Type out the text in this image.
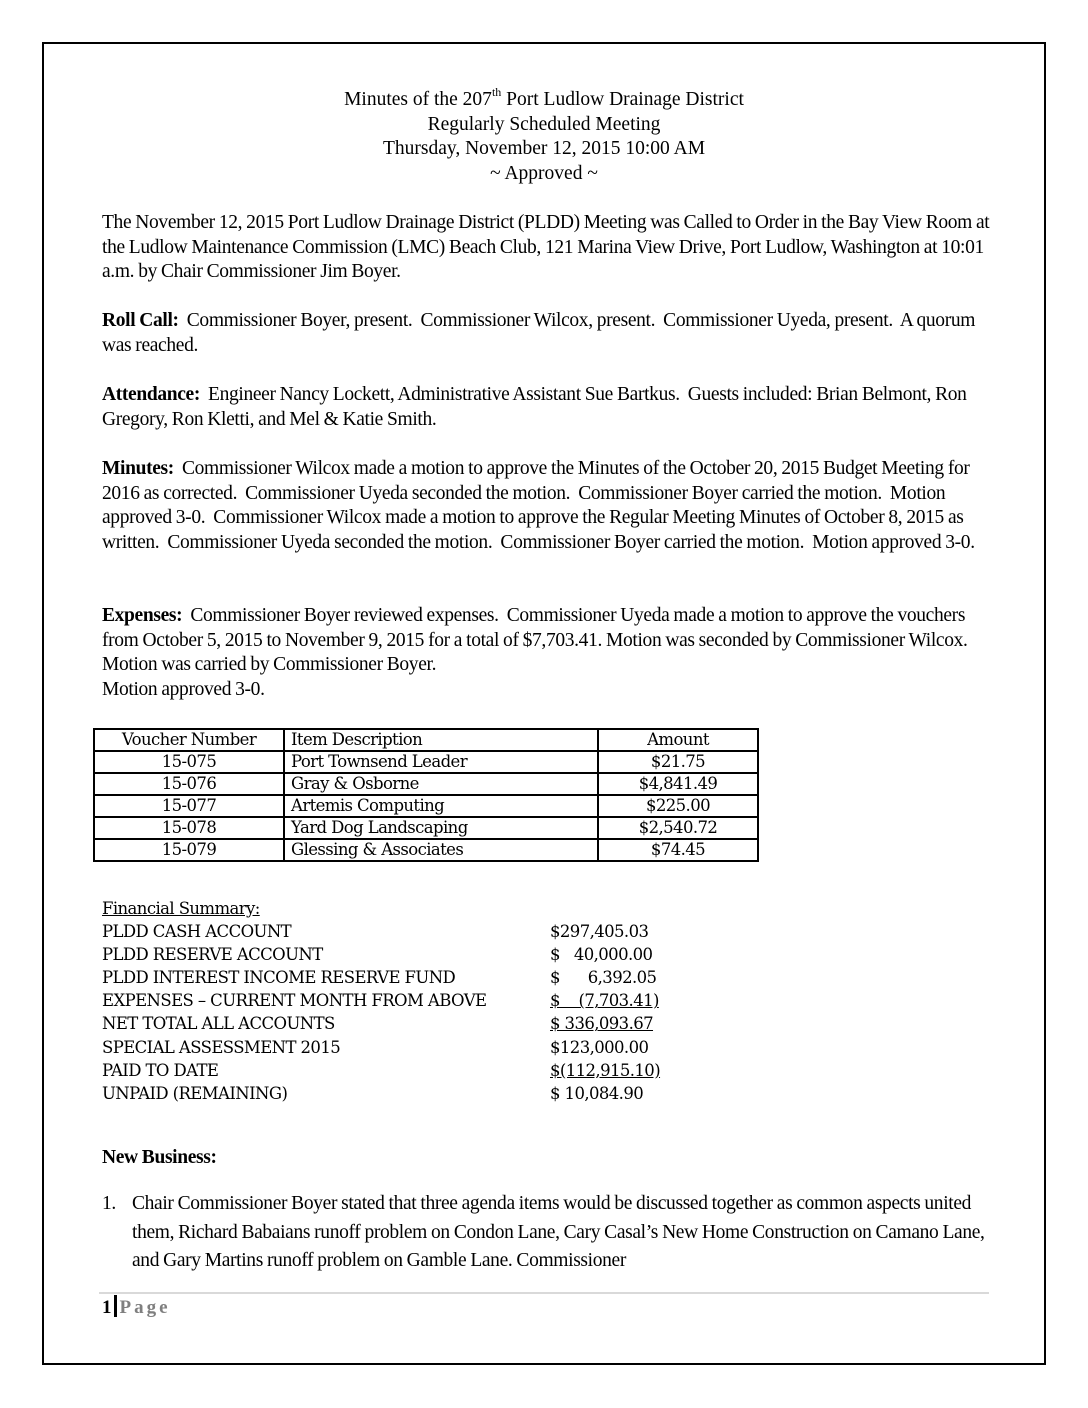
Minutes of the 207th Port Ludlow Drainage District
Regularly Scheduled Meeting
Thursday, November 12, 2015 10:00 AM
~ Approved ~
The November 12, 2015 Port Ludlow Drainage District (PLDD) Meeting was Called to Order in the Bay View Room at the Ludlow Maintenance Commission (LMC) Beach Club, 121 Marina View Drive, Port Ludlow, Washington at 10:01 a.m. by Chair Commissioner Jim Boyer.
Roll Call:  Commissioner Boyer, present.  Commissioner Wilcox, present.  Commissioner Uyeda, present.  A quorum was reached.
Attendance:  Engineer Nancy Lockett, Administrative Assistant Sue Bartkus.  Guests included: Brian Belmont, Ron Gregory, Ron Kletti, and Mel & Katie Smith.
Minutes:  Commissioner Wilcox made a motion to approve the Minutes of the October 20, 2015 Budget Meeting for 2016 as corrected.  Commissioner Uyeda seconded the motion.  Commissioner Boyer carried the motion.  Motion approved 3-0.  Commissioner Wilcox made a motion to approve the Regular Meeting Minutes of October 8, 2015 as written.  Commissioner Uyeda seconded the motion.  Commissioner Boyer carried the motion.  Motion approved 3-0.
Expenses:  Commissioner Boyer reviewed expenses.  Commissioner Uyeda made a motion to approve the vouchers from October 5, 2015 to November 9, 2015 for a total of $7,703.41. Motion was seconded by Commissioner Wilcox.  Motion was carried by Commissioner Boyer.
Motion approved 3-0.
Voucher Number	Item Description	Amount
15-075	Port Townsend Leader	$21.75
15-076	Gray & Osborne	$4,841.49
15-077	Artemis Computing	$225.00
15-078	Yard Dog Landscaping	$2,540.72
15-079	Glessing & Associates	$74.45
Financial Summary:
PLDD CASH ACCOUNT	$297,405.03
PLDD RESERVE ACCOUNT	$   40,000.00
PLDD INTEREST INCOME RESERVE FUND	$      6,392.05
EXPENSES – CURRENT MONTH FROM ABOVE	$    (7,703.41)
NET TOTAL ALL ACCOUNTS	$ 336,093.67
SPECIAL ASSESSMENT 2015	$123,000.00
PAID TO DATE	$(112,915.10)
UNPAID (REMAINING)	$ 10,084.90
New Business:
1. Chair Commissioner Boyer stated that three agenda items would be discussed together as common aspects united them, Richard Babaians runoff problem on Condon Lane, Cary Casal’s New Home Construction on Camano Lane, and Gary Martins runoff problem on Gamble Lane. Commissioner
1 Page
